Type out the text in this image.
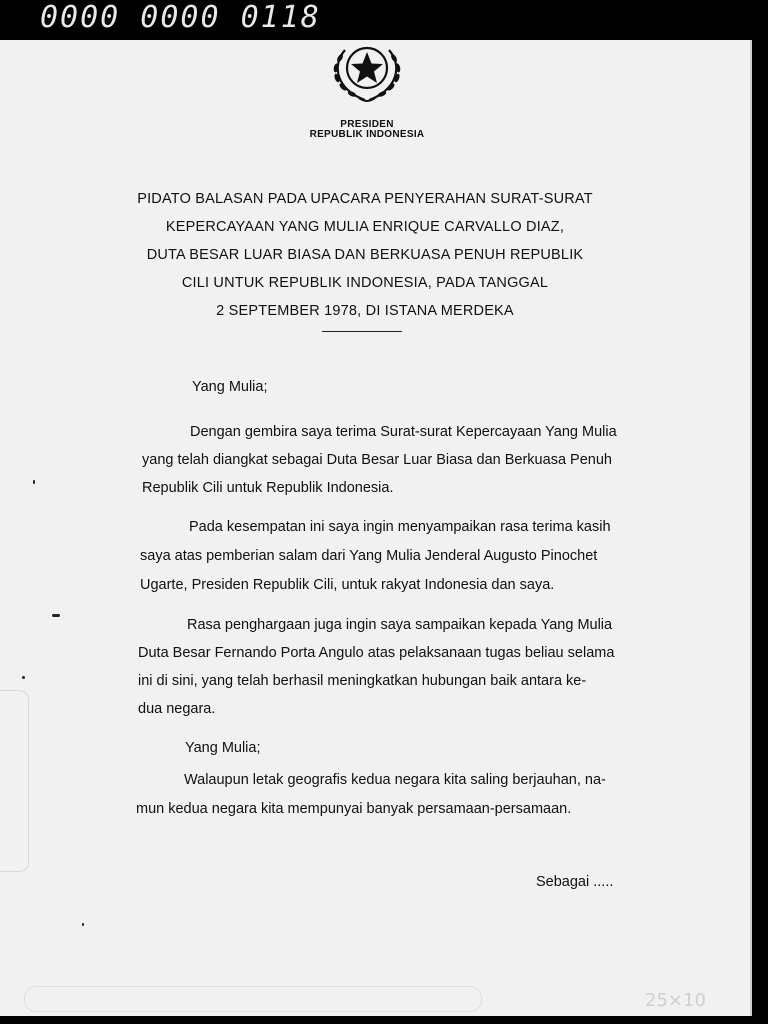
0000 0000 0118
PRESIDEN
REPUBLIK INDONESIA
PIDATO BALASAN PADA UPACARA PENYERAHAN SURAT-SURAT
KEPERCAYAAN YANG MULIA ENRIQUE CARVALLO DIAZ,
DUTA BESAR LUAR BIASA DAN BERKUASA PENUH REPUBLIK
CILI UNTUK REPUBLIK INDONESIA, PADA TANGGAL
2 SEPTEMBER 1978, DI ISTANA MERDEKA
Yang Mulia;
Dengan gembira saya terima Surat-surat Kepercayaan Yang Mulia
yang telah diangkat sebagai Duta Besar Luar Biasa dan Berkuasa Penuh
Republik Cili untuk Republik Indonesia.
Pada kesempatan ini saya ingin menyampaikan rasa terima kasih
saya atas pemberian salam dari Yang Mulia Jenderal Augusto Pinochet
Ugarte, Presiden Republik Cili, untuk rakyat Indonesia dan saya.
Rasa penghargaan juga ingin saya sampaikan kepada Yang Mulia
Duta Besar Fernando Porta Angulo atas pelaksanaan tugas beliau selama
ini di sini, yang telah berhasil meningkatkan hubungan baik antara ke-
dua negara.
Yang Mulia;
Walaupun letak geografis kedua negara kita saling berjauhan, na-
mun kedua negara kita mempunyai banyak persamaan-persamaan.
Sebagai .....
25×10
